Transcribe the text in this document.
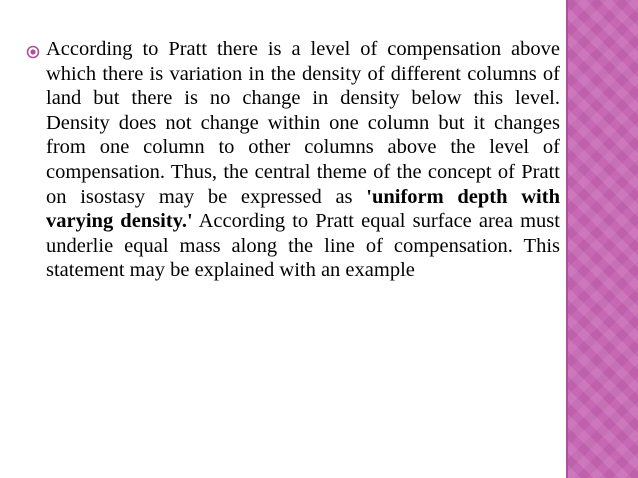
According to Pratt there is a level of compensation above which there is variation in the density of different columns of land but there is no change in density below this level. Density does not change within one column but it changes from one column to other columns above the level of compensation. Thus, the central theme of the concept of Pratt on isostasy may be expressed as 'uniform depth with varying density.' According to Pratt equal surface area must underlie equal mass along the line of compensation. This statement may be explained with an example
